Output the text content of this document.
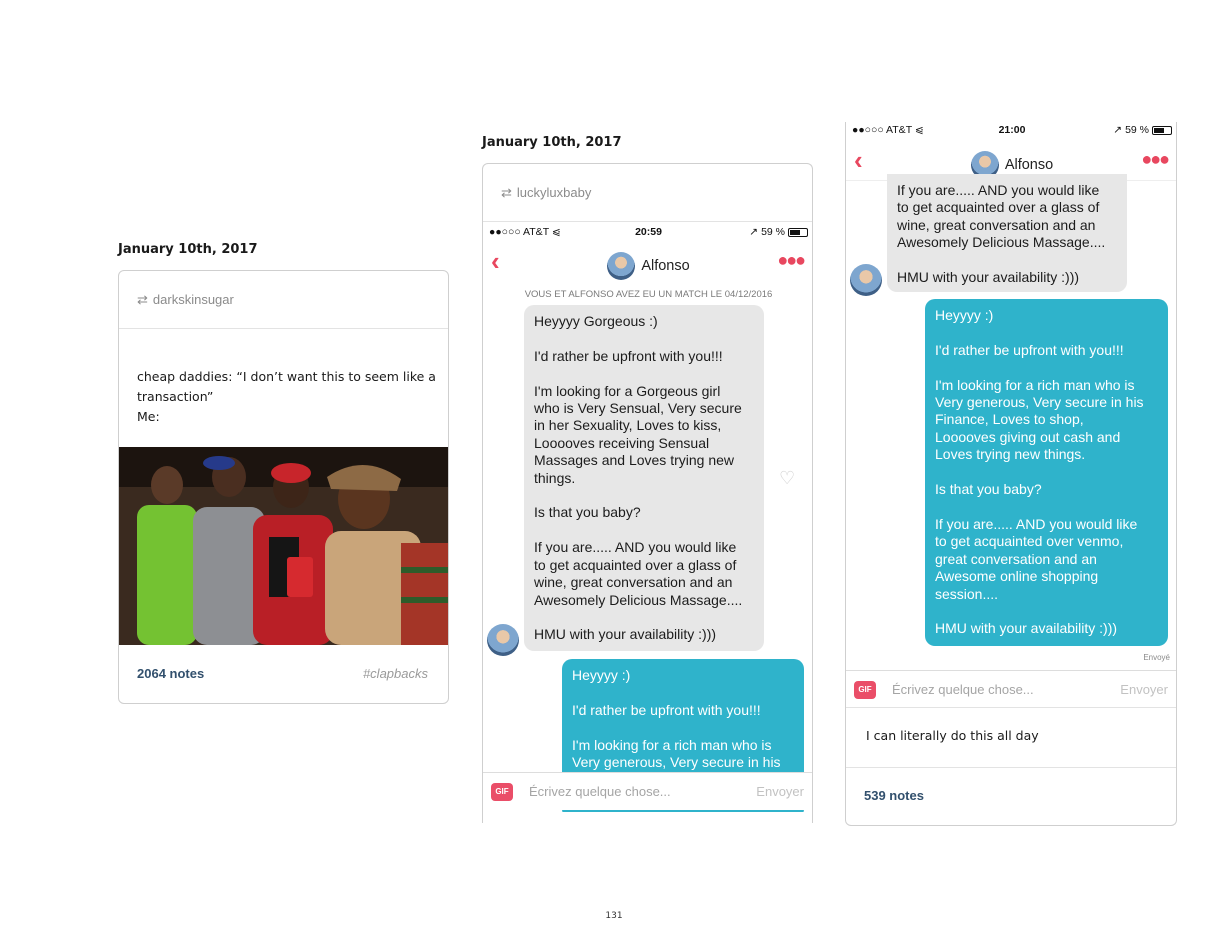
January 10th, 2017
⇄ darkskinsugar
cheap daddies: “I don’t want this to seem like a transaction”
Me:
2064 notes	#clapbacks
January 10th, 2017
⇄ luckyluxbaby
●●○○○ AT&T ⩿	20:59	↗ 59 %
‹	Alfonso	●●●
VOUS ET ALFONSO AVEZ EU UN MATCH LE 04/12/2016
Heyyyy Gorgeous :)

I'd rather be upfront with you!!!

I'm looking for a Gorgeous girl
who is Very Sensual, Very secure
in her Sexuality, Loves to kiss,
Looooves receiving Sensual
Massages and Loves trying new
things.

Is that you baby?

If you are..... AND you would like
to get acquainted over a glass of
wine, great conversation and an
Awesomely Delicious Massage....

HMU with your availability :)))
♡
Heyyyy :)

I'd rather be upfront with you!!!

I'm looking for a rich man who is
Very generous, Very secure in his
GIF	Écrivez quelque chose...	Envoyer
●●○○○ AT&T ⩿	21:00	↗ 59 %
‹	Alfonso	●●●
If you are..... AND you would like
to get acquainted over a glass of
wine, great conversation and an
Awesomely Delicious Massage....

HMU with your availability :)))
Heyyyy :)

I'd rather be upfront with you!!!

I'm looking for a rich man who is
Very generous, Very secure in his
Finance, Loves to shop,
Looooves giving out cash and
Loves trying new things.

Is that you baby?

If you are..... AND you would like
to get acquainted over venmo,
great conversation and an
Awesome online shopping
session....

HMU with your availability :)))
Envoyé
GIF	Écrivez quelque chose...	Envoyer
I can literally do this all day
539 notes
131
